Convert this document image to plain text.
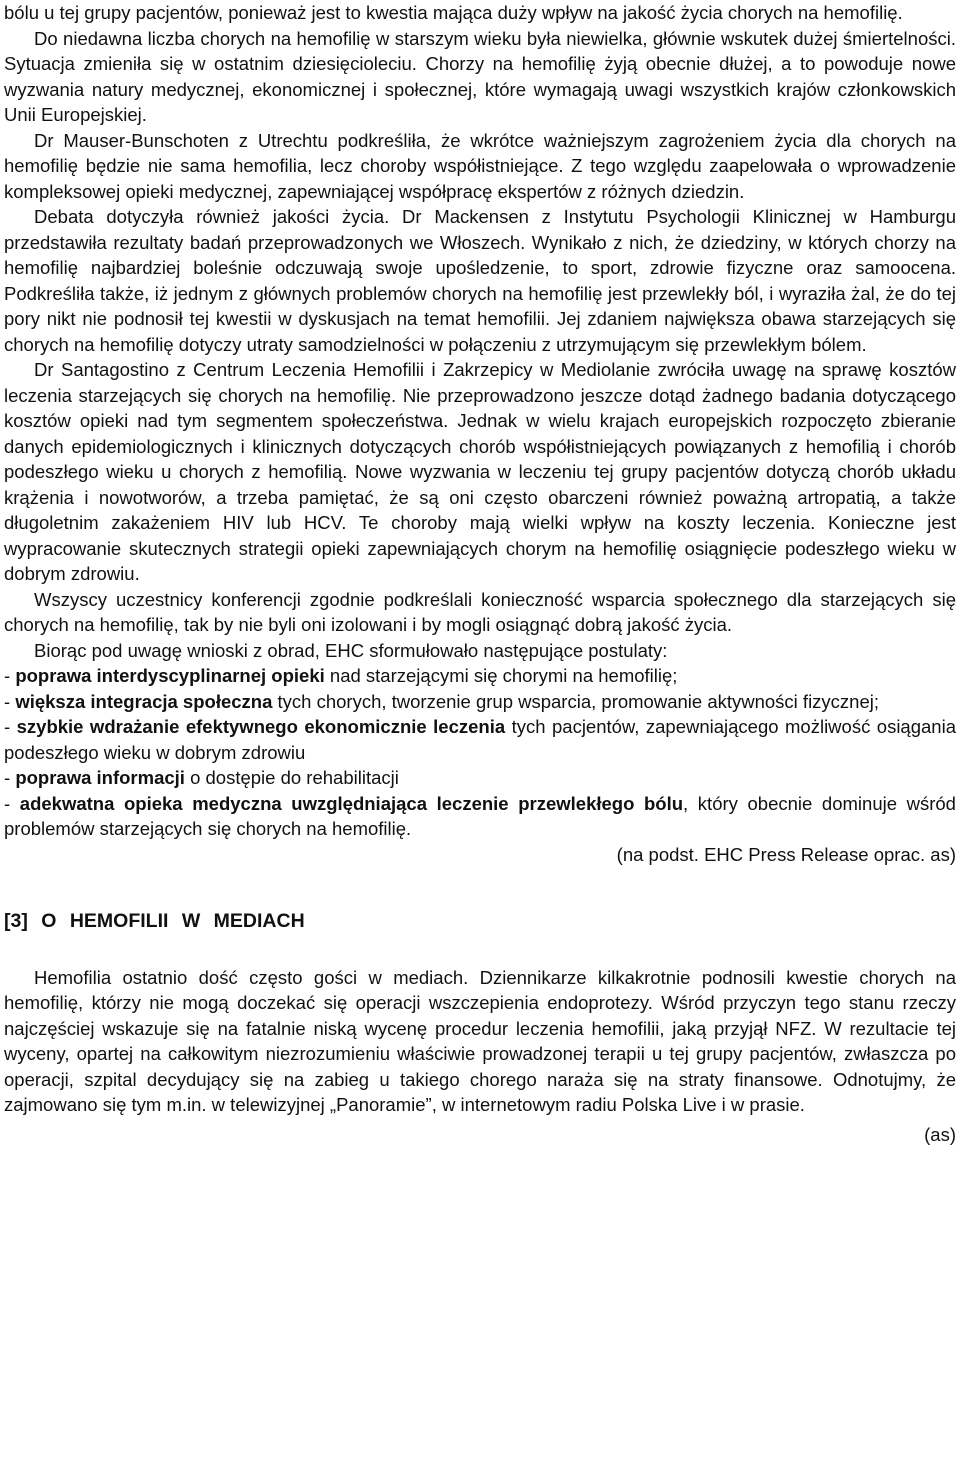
bólu u tej grupy pacjentów, ponieważ jest to kwestia mająca duży wpływ na jakość życia chorych na hemofilię.

Do niedawna liczba chorych na hemofilię w starszym wieku była niewielka, głównie wskutek dużej śmiertelności. Sytuacja zmieniła się w ostatnim dziesięcioleciu. Chorzy na hemofilię żyją obecnie dłużej, a to powoduje nowe wyzwania natury medycznej, ekonomicznej i społecznej, które wymagają uwagi wszystkich krajów członkowskich Unii Europejskiej.

Dr Mauser-Bunschoten z Utrechtu podkreśliła, że wkrótce ważniejszym zagrożeniem życia dla chorych na hemofilię będzie nie sama hemofilia, lecz choroby współistniejące. Z tego względu zaapelowała o wprowadzenie kompleksowej opieki medycznej, zapewniającej współpracę ekspertów z różnych dziedzin.

Debata dotyczyła również jakości życia. Dr Mackensen z Instytutu Psychologii Klinicznej w Hamburgu przedstawiła rezultaty badań przeprowadzonych we Włoszech. Wynikało z nich, że dziedziny, w których chorzy na hemofilię najbardziej boleśnie odczuwają swoje upośledzenie, to sport, zdrowie fizyczne oraz samoocena. Podkreśliła także, iż jednym z głównych problemów chorych na hemofilię jest przewlekły ból, i wyraziła żal, że do tej pory nikt nie podnosił tej kwestii w dyskusjach na temat hemofilii. Jej zdaniem największa obawa starzejących się chorych na hemofilię dotyczy utraty samodzielności w połączeniu z utrzymującym się przewlekłym bólem.

Dr Santagostino z Centrum Leczenia Hemofilii i Zakrzepicy w Mediolanie zwróciła uwagę na sprawę kosztów leczenia starzejących się chorych na hemofilię. Nie przeprowadzono jeszcze dotąd żadnego badania dotyczącego kosztów opieki nad tym segmentem społeczeństwa. Jednak w wielu krajach europejskich rozpoczęto zbieranie danych epidemiologicznych i klinicznych dotyczących chorób współistniejących powiązanych z hemofilią i chorób podeszłego wieku u chorych z hemofilią. Nowe wyzwania w leczeniu tej grupy pacjentów dotyczą chorób układu krążenia i nowotworów, a trzeba pamiętać, że są oni często obarczeni również poważną artropatią, a także długoletnim zakażeniem HIV lub HCV. Te choroby mają wielki wpływ na koszty leczenia. Konieczne jest wypracowanie skutecznych strategii opieki zapewniających chorym na hemofilię osiągnięcie podeszłego wieku w dobrym zdrowiu.

Wszyscy uczestnicy konferencji zgodnie podkreślali konieczność wsparcia społecznego dla starzejących się chorych na hemofilię, tak by nie byli oni izolowani i by mogli osiągnąć dobrą jakość życia.

Biorąc pod uwagę wnioski z obrad, EHC sformułowało następujące postulaty:

- poprawa interdyscyplinarnej opieki nad starzejącymi się chorymi na hemofilię;

- większa integracja społeczna tych chorych, tworzenie grup wsparcia, promowanie aktywności fizycznej;

- szybkie wdrażanie efektywnego ekonomicznie leczenia tych pacjentów, zapewniającego możliwość osiągania podeszłego wieku w dobrym zdrowiu

- poprawa informacji o dostępie do rehabilitacji

- adekwatna opieka medyczna uwzględniająca leczenie przewlekłego bólu, który obecnie dominuje wśród problemów starzejących się chorych na hemofilię.

(na podst. EHC Press Release oprac. as)

[3] O HEMOFILII W MEDIACH

Hemofilia ostatnio dość często gości w mediach. Dziennikarze kilkakrotnie podnosili kwestie chorych na hemofilię, którzy nie mogą doczekać się operacji wszczepienia endoprotezy. Wśród przyczyn tego stanu rzeczy najczęściej wskazuje się na fatalnie niską wycenę procedur leczenia hemofilii, jaką przyjął NFZ. W rezultacie tej wyceny, opartej na całkowitym niezrozumieniu właściwie prowadzonej terapii u tej grupy pacjentów, zwłaszcza po operacji, szpital decydujący się na zabieg u takiego chorego naraża się na straty finansowe. Odnotujmy, że zajmowano się tym m.in. w telewizyjnej „Panoramie”, w internetowym radiu Polska Live i w prasie.

(as)
